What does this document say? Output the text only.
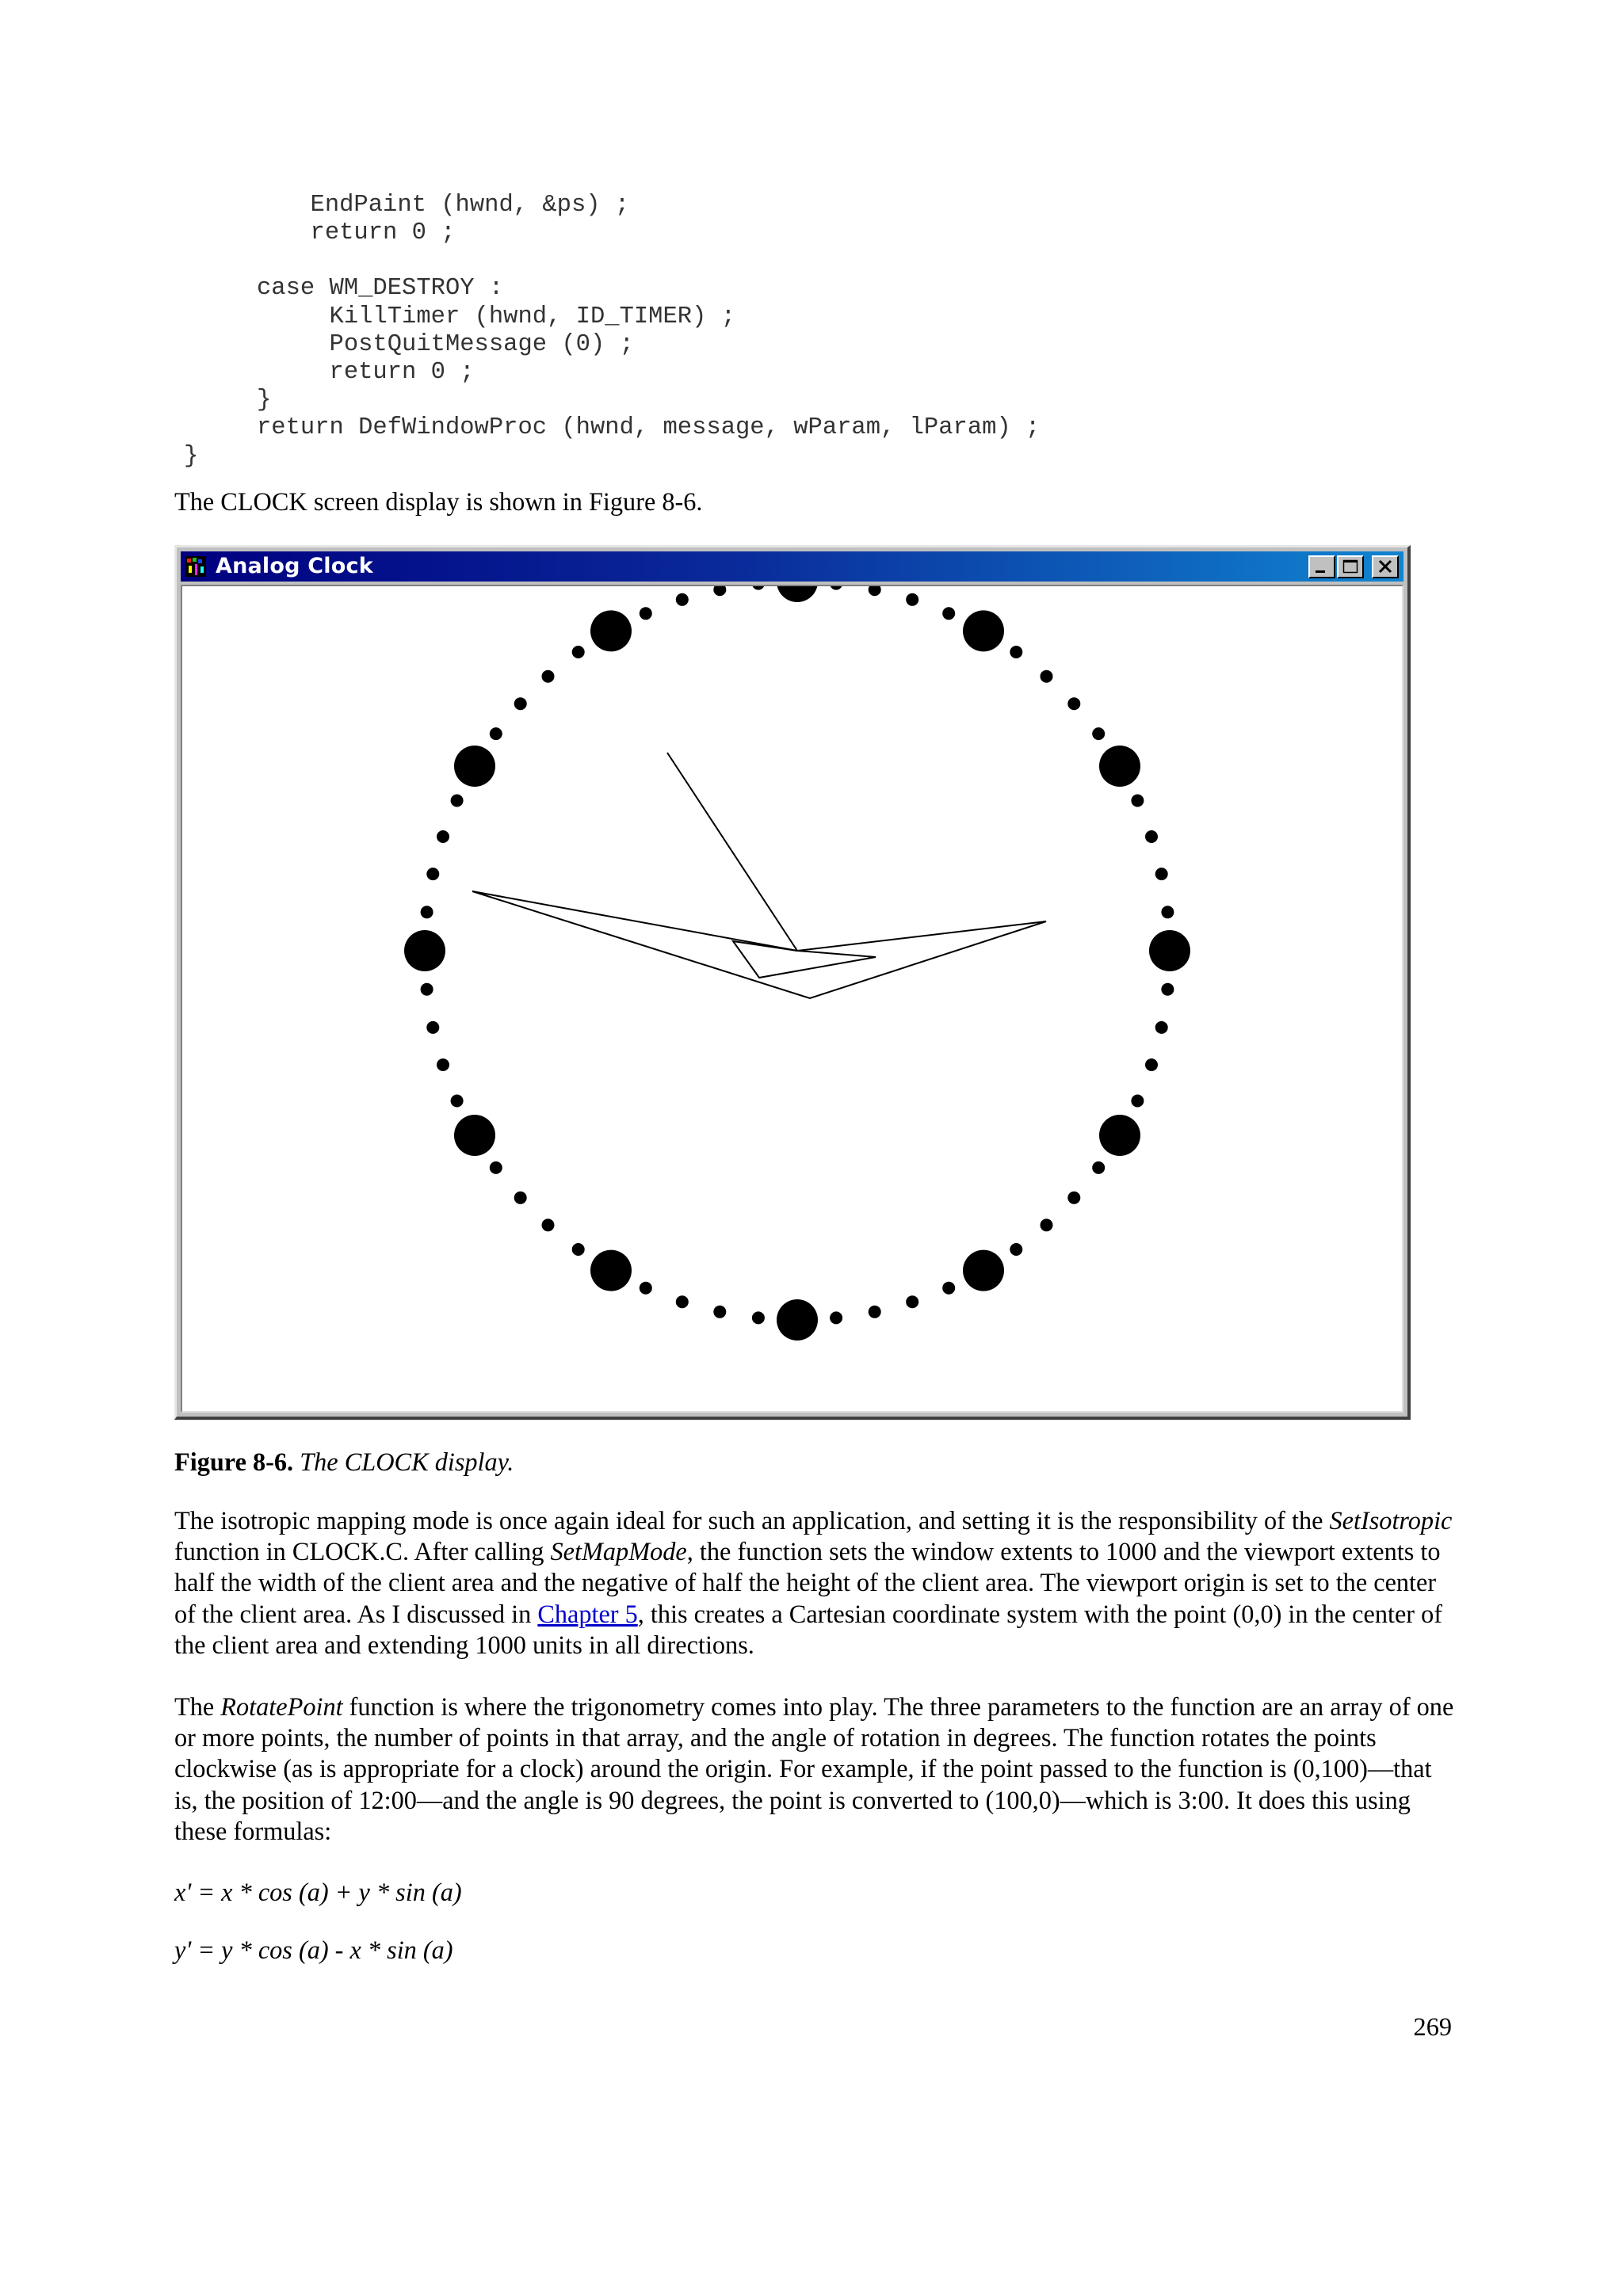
EndPaint (hwnd, &ps) ;
return 0 ;
case WM_DESTROY :
KillTimer (hwnd, ID_TIMER) ;
PostQuitMessage (0) ;
return 0 ;
}
return DefWindowProc (hwnd, message, wParam, lParam) ;
}

The CLOCK screen display is shown in Figure 8-6.

Analog Clock

Figure 8-6. The CLOCK display.

The isotropic mapping mode is once again ideal for such an application, and setting it is the responsibility of the SetIsotropic function in CLOCK.C. After calling SetMapMode, the function sets the window extents to 1000 and the viewport extents to half the width of the client area and the negative of half the height of the client area. The viewport origin is set to the center of the client area. As I discussed in Chapter 5, this creates a Cartesian coordinate system with the point (0,0) in the center of the client area and extending 1000 units in all directions.

The RotatePoint function is where the trigonometry comes into play. The three parameters to the function are an array of one or more points, the number of points in that array, and the angle of rotation in degrees. The function rotates the points clockwise (as is appropriate for a clock) around the origin. For example, if the point passed to the function is (0,100)—that is, the position of 12:00—and the angle is 90 degrees, the point is converted to (100,0)—which is 3:00. It does this using these formulas:

x' = x * cos (a) + y * sin (a)

y' = y * cos (a) - x * sin (a)

269
